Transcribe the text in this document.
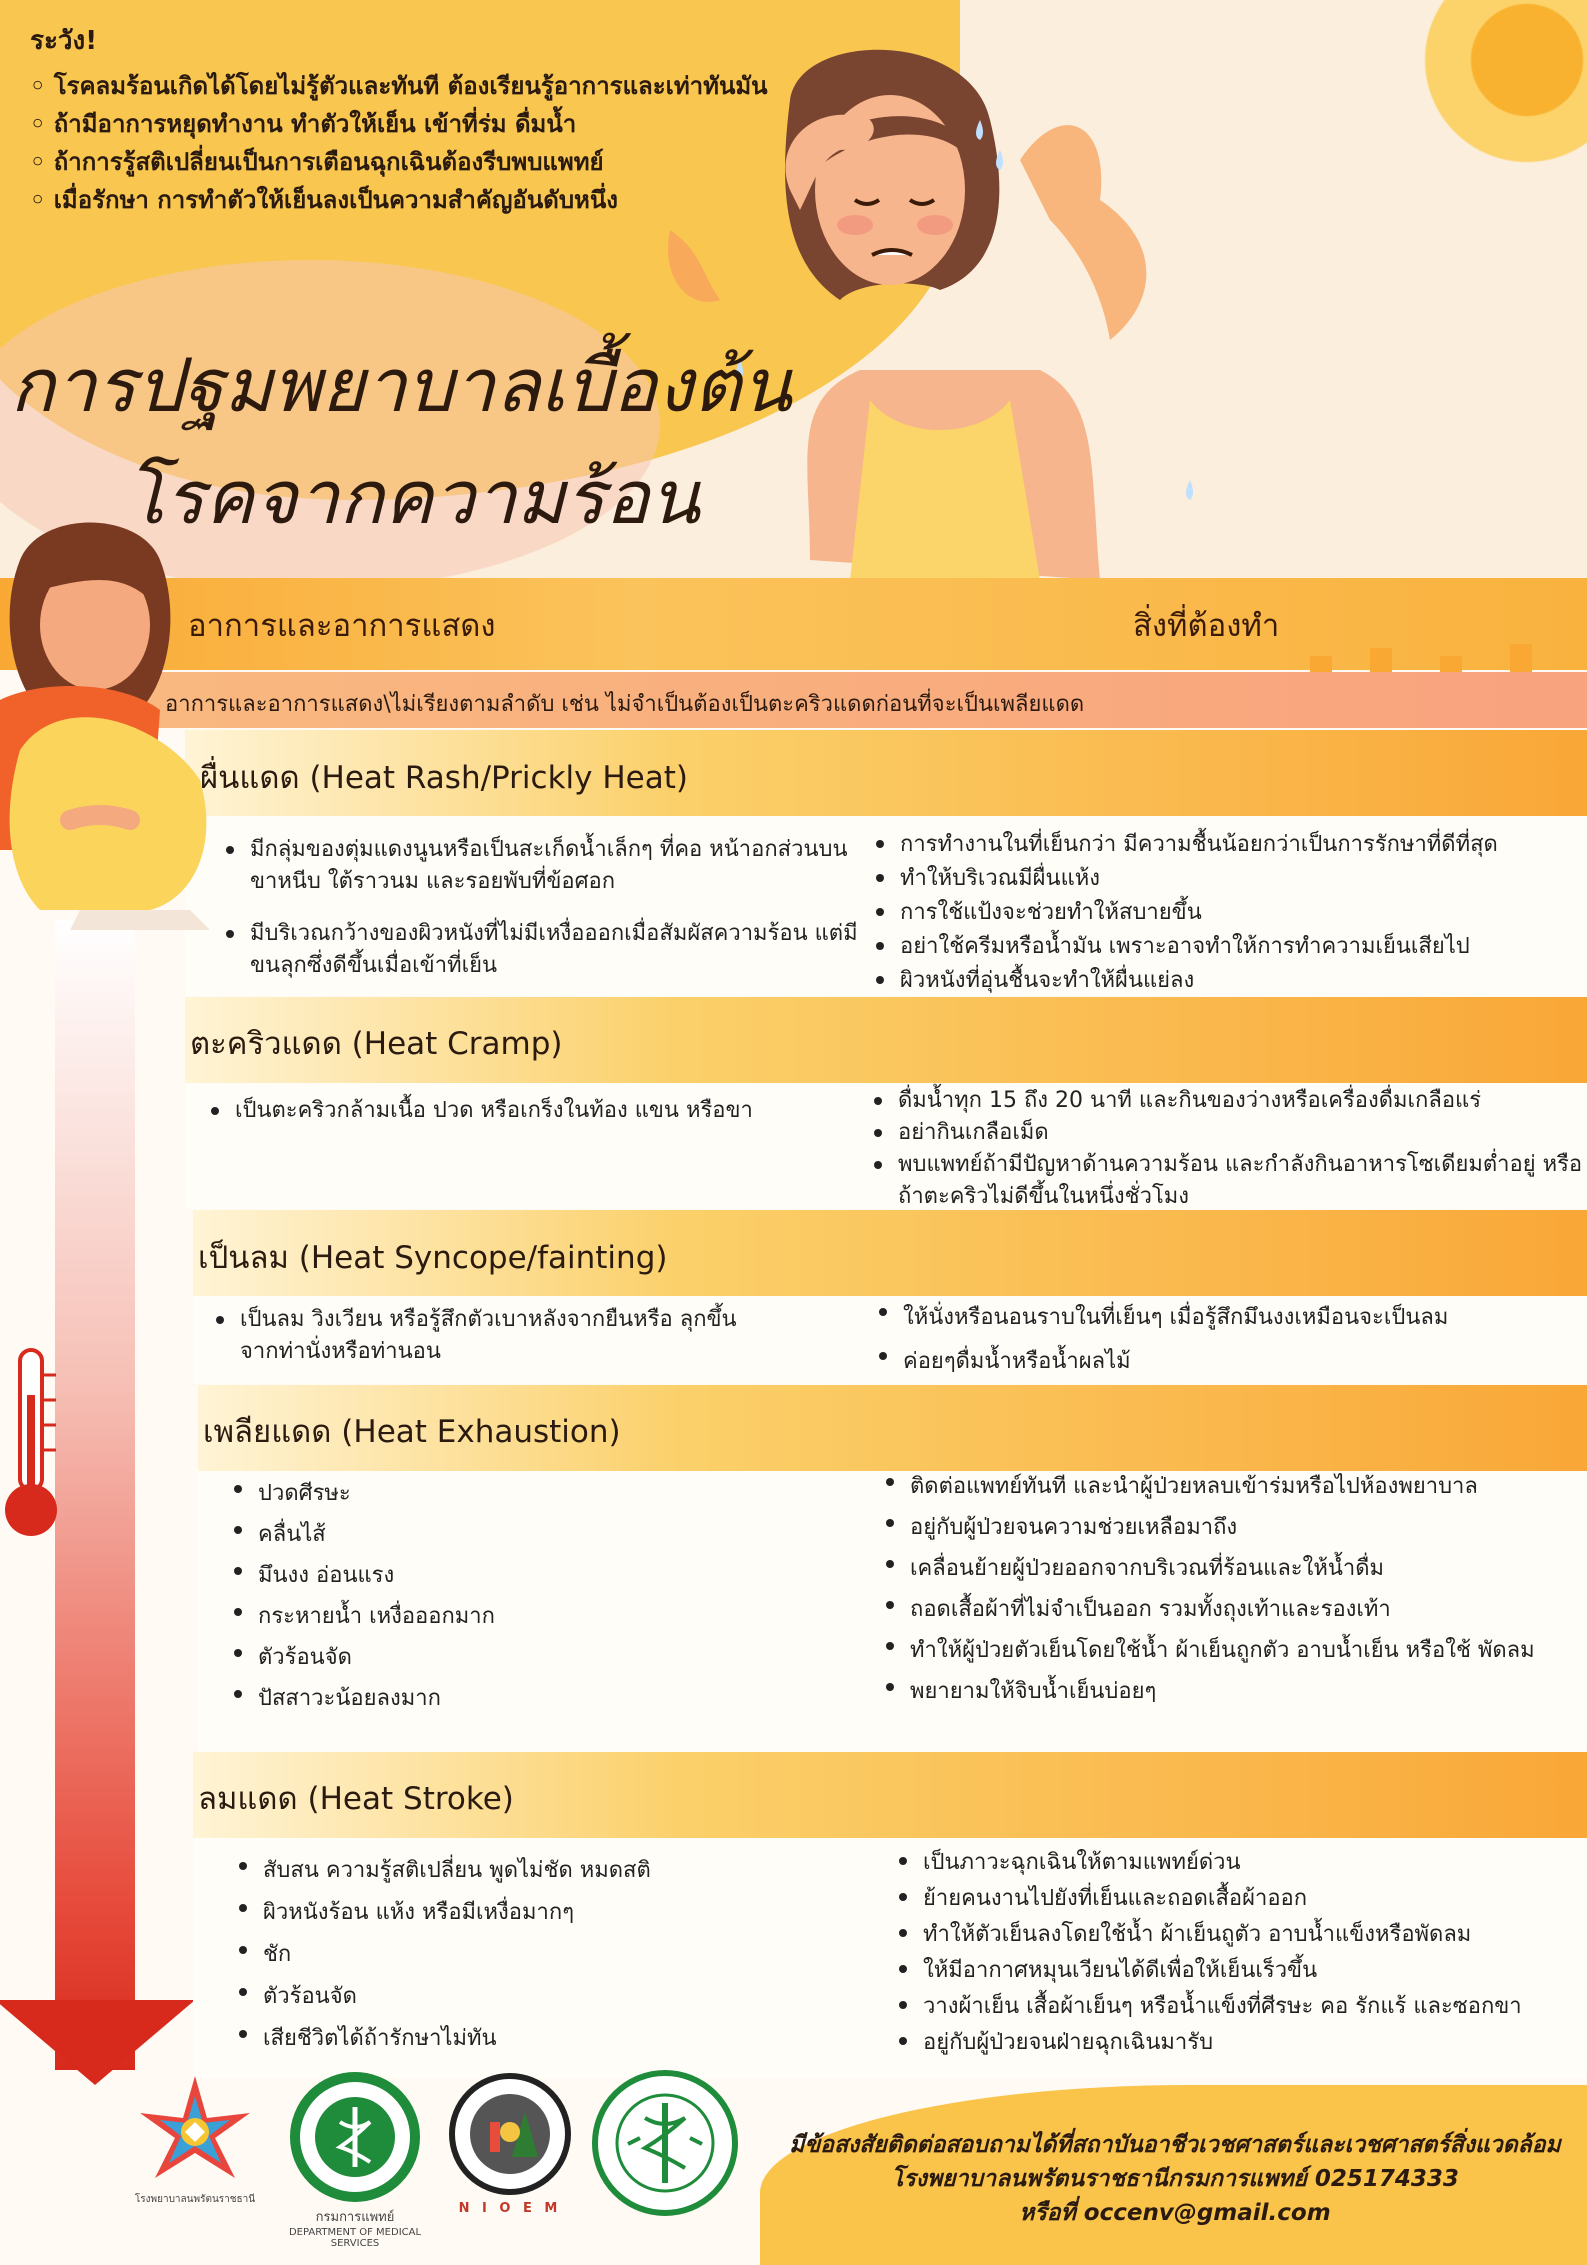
ระวัง!
◦ โรคลมร้อนเกิดได้โดยไม่รู้ตัวและทันที ต้องเรียนรู้อาการและเท่าทันมัน
◦ ถ้ามีอาการหยุดทำงาน ทำตัวให้เย็น เข้าที่ร่ม ดื่มน้ำ
◦ ถ้าการรู้สติเปลี่ยนเป็นการเตือนฉุกเฉินต้องรีบพบแพทย์
◦ เมื่อรักษา การทำตัวให้เย็นลงเป็นความสำคัญอันดับหนึ่ง
การปฐมพยาบาลเบื้องต้น
โรคจากความร้อน
อาการและอาการแสดง	สิ่งที่ต้องทำ
อาการและอาการแสดง\ไม่เรียงตามลำดับ เช่น ไม่จำเป็นต้องเป็นตะคริวแดดก่อนที่จะเป็นเพลียแดด
ผื่นแดด (Heat Rash/Prickly Heat)
มีกลุ่มของตุ่มแดงนูนหรือเป็นสะเก็ดน้ำเล็กๆ ที่คอ หน้าอกส่วนบน ขาหนีบ ใต้ราวนม และรอยพับที่ข้อศอก
มีบริเวณกว้างของผิวหนังที่ไม่มีเหงื่อออกเมื่อสัมผัสความร้อน แต่มีขนลุกซึ่งดีขึ้นเมื่อเข้าที่เย็น
การทำงานในที่เย็นกว่า มีความชื้นน้อยกว่าเป็นการรักษาที่ดีที่สุด
ทำให้บริเวณมีผื่นแห้ง
การใช้แป้งจะช่วยทำให้สบายขึ้น
อย่าใช้ครีมหรือน้ำมัน เพราะอาจทำให้การทำความเย็นเสียไป
ผิวหนังที่อุ่นชื้นจะทำให้ผื่นแย่ลง
ตะคริวแดด (Heat Cramp)
เป็นตะคริวกล้ามเนื้อ ปวด หรือเกร็งในท้อง แขน หรือขา	ดื่มน้ำทุก 15 ถึง 20 นาที และกินของว่างหรือเครื่องดื่มเกลือแร่
อย่ากินเกลือเม็ด
พบแพทย์ถ้ามีปัญหาด้านความร้อน และกำลังกินอาหารโซเดียมต่ำอยู่ หรือถ้าตะคริวไม่ดีขึ้นในหนึ่งชั่วโมง
เป็นลม (Heat Syncope/fainting)
เป็นลม วิงเวียน หรือรู้สึกตัวเบาหลังจากยืนหรือ ลุกขึ้นจากท่านั่งหรือท่านอน
ให้นั่งหรือนอนราบในที่เย็นๆ เมื่อรู้สึกมึนงงเหมือนจะเป็นลม
ค่อยๆดื่มน้ำหรือน้ำผลไม้
เพลียแดด (Heat Exhaustion)
ปวดศีรษะ
คลื่นไส้
มึนงง อ่อนแรง
กระหายน้ำ เหงื่อออกมาก
ตัวร้อนจัด
ปัสสาวะน้อยลงมาก
ติดต่อแพทย์ทันที และนำผู้ป่วยหลบเข้าร่มหรือไปห้องพยาบาล
อยู่กับผู้ป่วยจนความช่วยเหลือมาถึง
เคลื่อนย้ายผู้ป่วยออกจากบริเวณที่ร้อนและให้น้ำดื่ม
ถอดเสื้อผ้าที่ไม่จำเป็นออก รวมทั้งถุงเท้าและรองเท้า
ทำให้ผู้ป่วยตัวเย็นโดยใช้น้ำ ผ้าเย็นถูกตัว อาบน้ำเย็น หรือใช้ พัดลม
พยายามให้จิบน้ำเย็นบ่อยๆ
ลมแดด (Heat Stroke)
สับสน ความรู้สติเปลี่ยน พูดไม่ชัด หมดสติ
ผิวหนังร้อน แห้ง หรือมีเหงื่อมากๆ
ชัก
ตัวร้อนจัด
เสียชีวิตได้ถ้ารักษาไม่ทัน
เป็นภาวะฉุกเฉินให้ตามแพทย์ด่วน
ย้ายคนงานไปยังที่เย็นและถอดเสื้อผ้าออก
ทำให้ตัวเย็นลงโดยใช้น้ำ ผ้าเย็นถูตัว อาบน้ำแข็งหรือพัดลม
ให้มีอากาศหมุนเวียนได้ดีเพื่อให้เย็นเร็วขึ้น
วางผ้าเย็น เสื้อผ้าเย็นๆ หรือน้ำแข็งที่ศีรษะ คอ รักแร้ และซอกขา
อยู่กับผู้ป่วยจนฝ่ายฉุกเฉินมารับ
มีข้อสงสัยติดต่อสอบถามได้ที่สถาบันอาชีวเวชศาสตร์และเวชศาสตร์สิ่งแวดล้อม
โรงพยาบาลนพรัตนราชธานีกรมการแพทย์ 025174333
หรือที่ occenv@gmail.com
โรงพยาบาลนพรัตนราชธานี
กรมการแพทย์
DEPARTMENT OF MEDICAL SERVICES
N I O E M
